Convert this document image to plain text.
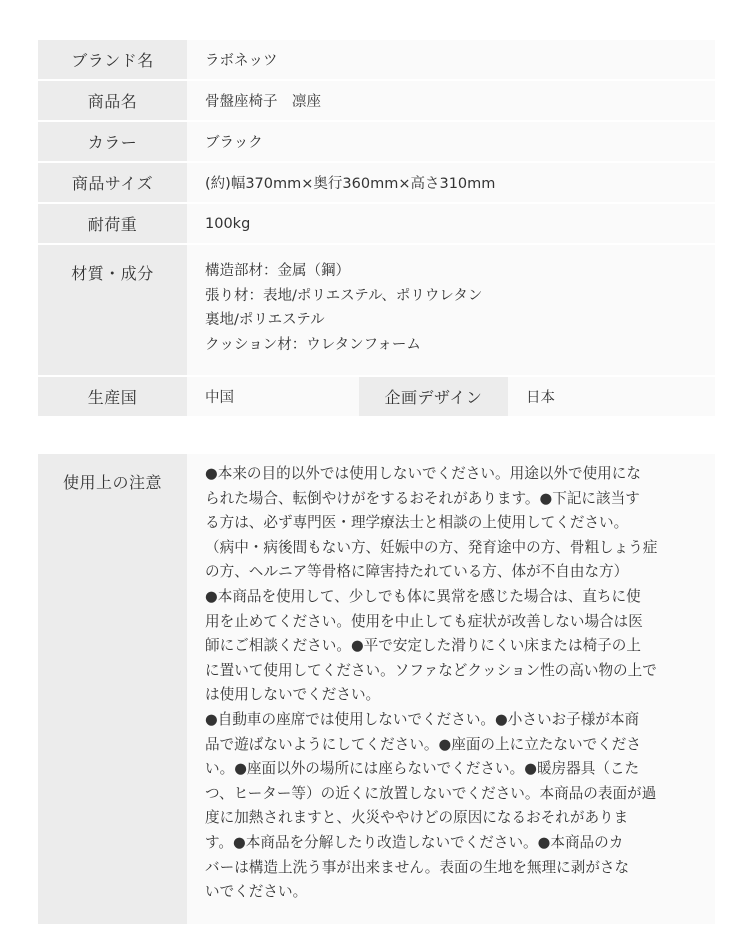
ブランド名	ラボネッツ
商品名	骨盤座椅子　凛座
カラー	ブラック
商品サイズ	(約)幅370mm×奥行360mm×高さ310mm
耐荷重	100kg
材質・成分	構造部材：金属（鋼）
張り材：表地/ポリエステル、ポリウレタン
裏地/ポリエステル
クッション材：ウレタンフォーム
生産国	中国	企画デザイン	日本
使用上の注意	●本来の目的以外では使用しないでください。用途以外で使用にな
られた場合、転倒やけがをするおそれがあります。●下記に該当す
る方は、必ず専門医・理学療法士と相談の上使用してください。
（病中・病後間もない方、妊娠中の方、発育途中の方、骨粗しょう症
の方、ヘルニア等骨格に障害持たれている方、体が不自由な方）
●本商品を使用して、少しでも体に異常を感じた場合は、直ちに使
用を止めてください。使用を中止しても症状が改善しない場合は医
師にご相談ください。●平で安定した滑りにくい床または椅子の上
に置いて使用してください。ソファなどクッション性の高い物の上で
は使用しないでください。
●自動車の座席では使用しないでください。●小さいお子様が本商
品で遊ばないようにしてください。●座面の上に立たないでくださ
い。●座面以外の場所には座らないでください。●暖房器具（こた
つ、ヒーター等）の近くに放置しないでください。本商品の表面が過
度に加熱されますと、火災ややけどの原因になるおそれがありま
す。●本商品を分解したり改造しないでください。●本商品のカ
バーは構造上洗う事が出来ません。表面の生地を無理に剥がさな
いでください。
